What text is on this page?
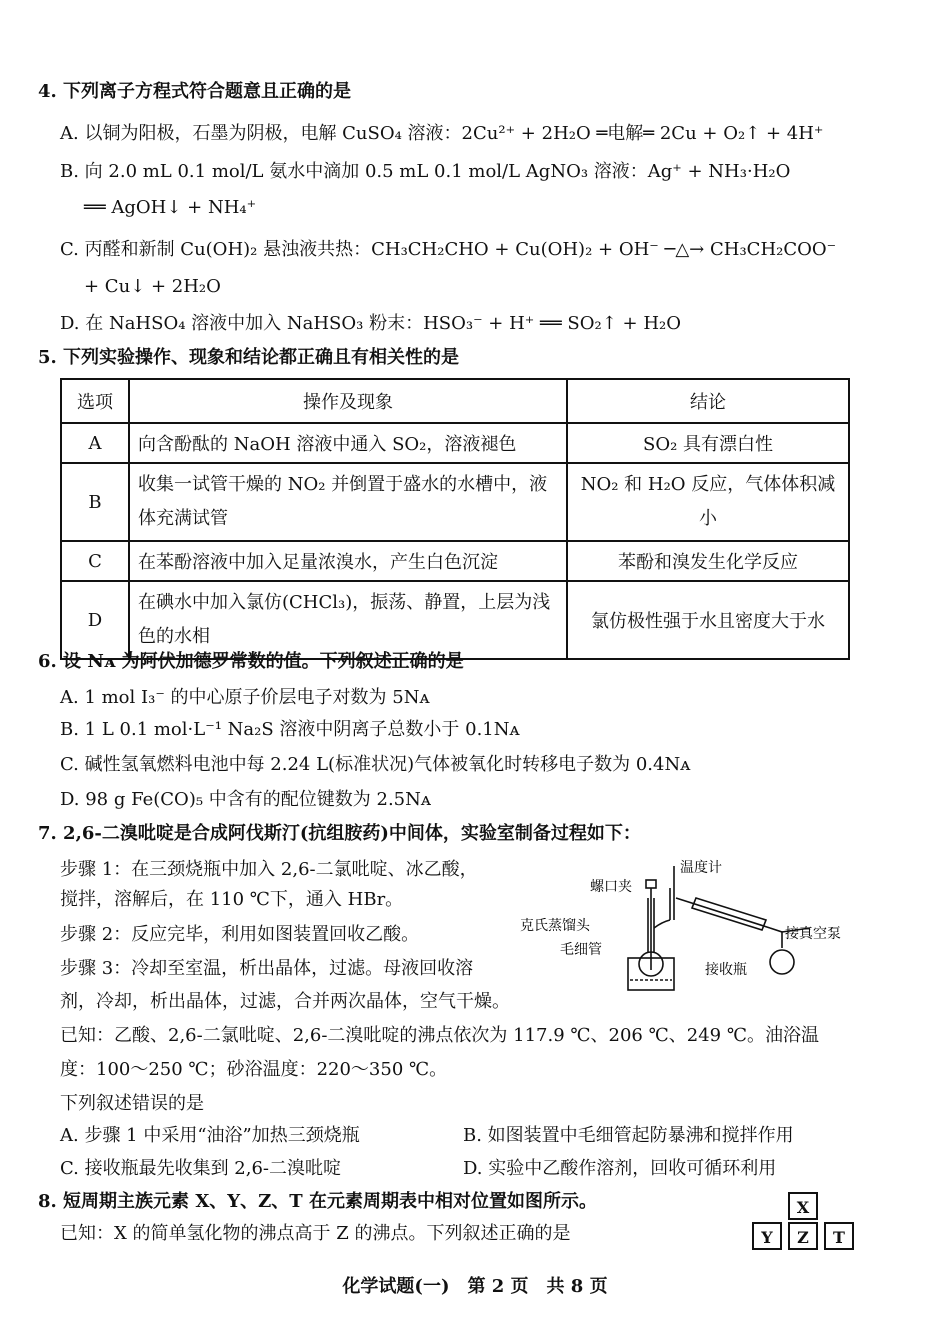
4. 下列离子方程式符合题意且正确的是
A. 以铜为阳极，石墨为阴极，电解 CuSO₄ 溶液：2Cu²⁺ + 2H₂O ═电解═ 2Cu + O₂↑ + 4H⁺
B. 向 2.0 mL 0.1 mol/L 氨水中滴加 0.5 mL 0.1 mol/L AgNO₃ 溶液：Ag⁺ + NH₃·H₂O
══ AgOH↓ + NH₄⁺
C. 丙醛和新制 Cu(OH)₂ 悬浊液共热：CH₃CH₂CHO + Cu(OH)₂ + OH⁻ ─△→ CH₃CH₂COO⁻
+ Cu↓ + 2H₂O
D. 在 NaHSO₄ 溶液中加入 NaHSO₃ 粉末：HSO₃⁻ + H⁺ ══ SO₂↑ + H₂O
5. 下列实验操作、现象和结论都正确且有相关性的是
选项	操作及现象	结论
A	向含酚酞的 NaOH 溶液中通入 SO₂，溶液褪色	SO₂ 具有漂白性
B	收集一试管干燥的 NO₂ 并倒置于盛水的水槽中，液体充满试管	NO₂ 和 H₂O 反应，气体体积减小
C	在苯酚溶液中加入足量浓溴水，产生白色沉淀	苯酚和溴发生化学反应
D	在碘水中加入氯仿(CHCl₃)，振荡、静置，上层为浅色的水相	氯仿极性强于水且密度大于水
6. 设 Nᴀ 为阿伏加德罗常数的值。下列叙述正确的是
A. 1 mol I₃⁻ 的中心原子价层电子对数为 5Nᴀ
B. 1 L 0.1 mol·L⁻¹ Na₂S 溶液中阴离子总数小于 0.1Nᴀ
C. 碱性氢氧燃料电池中每 2.24 L(标准状况)气体被氧化时转移电子数为 0.4Nᴀ
D. 98 g Fe(CO)₅ 中含有的配位键数为 2.5Nᴀ
7. 2,6-二溴吡啶是合成阿伐斯汀(抗组胺药)中间体，实验室制备过程如下：
步骤 1：在三颈烧瓶中加入 2,6-二氯吡啶、冰乙酸，
搅拌，溶解后，在 110 ℃下，通入 HBr。
步骤 2：反应完毕，利用如图装置回收乙酸。
步骤 3：冷却至室温，析出晶体，过滤。母液回收溶
剂，冷却，析出晶体，过滤，合并两次晶体，空气干燥。
已知：乙酸、2,6-二氯吡啶、2,6-二溴吡啶的沸点依次为 117.9 ℃、206 ℃、249 ℃。油浴温
度：100～250 ℃；砂浴温度：220～350 ℃。
下列叙述错误的是
A. 步骤 1 中采用“油浴”加热三颈烧瓶	B. 如图装置中毛细管起防暴沸和搅拌作用
C. 接收瓶最先收集到 2,6-二溴吡啶	D. 实验中乙酸作溶剂，回收可循环利用
螺口夹
温度计
克氏蒸馏头
毛细管
接真空泵
接收瓶
8. 短周期主族元素 X、Y、Z、T 在元素周期表中相对位置如图所示。
已知：X 的简单氢化物的沸点高于 Z 的沸点。下列叙述正确的是
X
Y	Z	T
化学试题(一)　第 2 页　共 8 页
